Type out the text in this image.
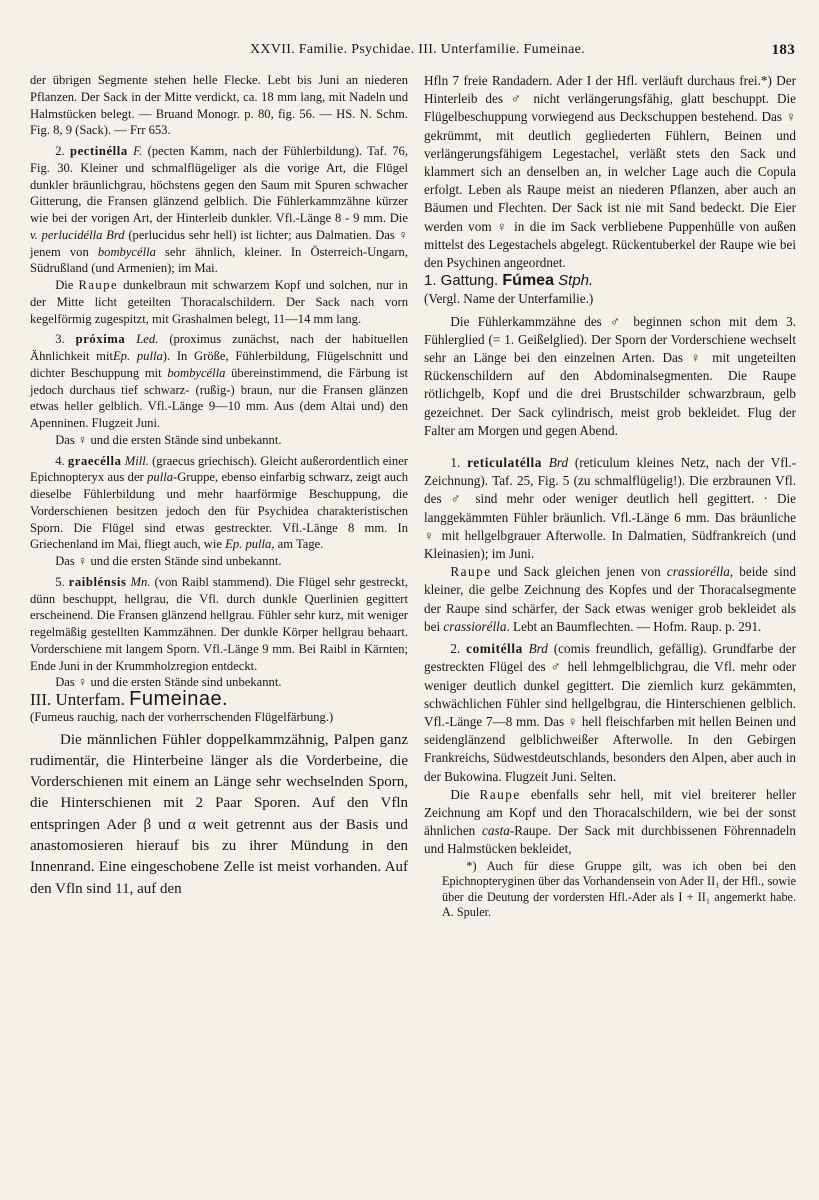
XXVII. Familie. Psychidae. III. Unterfamilie. Fumeinae.	183

der übrigen Segmente stehen helle Flecke. Lebt bis Juni an niederen Pflanzen. Der Sack in der Mitte verdickt, ca. 18 mm lang, mit Nadeln und Halmstücken belegt. — Bruand Monogr. p. 80, fig. 56. — HS. N. Schm. Fig. 8, 9 (Sack). — Frr 653.

2. pectinélla F. (pecten Kamm, nach der Fühlerbildung). Taf. 76, Fig. 30. Kleiner und schmalflügeliger als die vorige Art, die Flügel dunkler bräunlichgrau, höchstens gegen den Saum mit Spuren schwacher Gitterung, die Fransen glänzend gelblich. Die Fühlerkammzähne kürzer wie bei der vorigen Art, der Hinterleib dunkler. Vfl.-Länge 8 - 9 mm. Die v. perlucidélla Brd (perlucidus sehr hell) ist lichter; aus Dalmatien. Das ♀ jenem von bombycélla sehr ähnlich, kleiner. In Österreich-Ungarn, Südrußland (und Armenien); im Mai.

Die Raupe dunkelbraun mit schwarzem Kopf und solchen, nur in der Mitte licht geteilten Thoracalschildern. Der Sack nach vorn kegelförmig zugespitzt, mit Grashalmen belegt, 11—14 mm lang.

3. próxima Led. (proximus zunächst, nach der habituellen Ähnlichkeit mitEp. pulla). In Größe, Fühlerbildung, Flügelschnitt und dichter Beschuppung mit bombycélla übereinstimmend, die Färbung ist jedoch durchaus tief schwarz- (rußig-) braun, nur die Fransen glänzen etwas heller gelblich. Vfl.-Länge 9—10 mm. Aus (dem Altai und) den Apenninen. Flugzeit Juni.

Das ♀ und die ersten Stände sind unbekannt.

4. graecélla Mill. (graecus griechisch). Gleicht außerordentlich einer Epichnopteryx aus der pulla-Gruppe, ebenso einfarbig schwarz, zeigt auch dieselbe Fühlerbildung und mehr haarförmige Beschuppung, die Vorderschienen besitzen jedoch den für Psychidea charakteristischen Sporn. Die Flügel sind etwas gestreckter. Vfl.-Länge 8 mm. In Griechenland im Mai, fliegt auch, wie Ep. pulla, am Tage.

Das ♀ und die ersten Stände sind unbekannt.

5. raiblénsis Mn. (von Raibl stammend). Die Flügel sehr gestreckt, dünn beschuppt, hellgrau, die Vfl. durch dunkle Querlinien gegittert erscheinend. Die Fransen glänzend hellgrau. Fühler sehr kurz, mit weniger regelmäßig gestellten Kammzähnen. Der dunkle Körper hellgrau behaart. Vorderschiene mit langem Sporn. Vfl.-Länge 9 mm. Bei Raibl in Kärnten; Ende Juni in der Krummholzregion entdeckt.

Das ♀ und die ersten Stände sind unbekannt.

III. Unterfam. Fumeinae.

(Fumeus rauchig, nach der vorherrschenden Flügelfärbung.)

Die männlichen Fühler doppelkammzähnig, Palpen ganz rudimentär, die Hinterbeine länger als die Vorderbeine, die Vorderschienen mit einem an Länge sehr wechselnden Sporn, die Hinterschienen mit 2 Paar Sporen. Auf den Vfln entspringen Ader β und α weit getrennt aus der Basis und anastomosieren hierauf bis zu ihrer Mündung in den Innenrand. Eine eingeschobene Zelle ist meist vorhanden. Auf den Vfln sind 11, auf den

Hfln 7 freie Randadern. Ader I der Hfl. verläuft durchaus frei.*) Der Hinterleib des ♂ nicht verlängerungsfähig, glatt beschuppt. Die Flügelbeschuppung vorwiegend aus Deckschuppen bestehend. Das ♀ gekrümmt, mit deutlich gegliederten Fühlern, Beinen und verlängerungsfähigem Legestachel, verläßt stets den Sack und klammert sich an denselben an, in welcher Lage auch die Copula erfolgt. Leben als Raupe meist an niederen Pflanzen, aber auch an Bäumen und Flechten. Der Sack ist nie mit Sand bedeckt. Die Eier werden vom ♀ in die im Sack verbliebene Puppenhülle von außen mittelst des Legestachels abgelegt. Rückentuberkel der Raupe wie bei den Psychinen angeordnet.

1. Gattung. Fúmea Stph.

(Vergl. Name der Unterfamilie.)

Die Fühlerkammzähne des ♂ beginnen schon mit dem 3. Fühlerglied (= 1. Geißelglied). Der Sporn der Vorderschiene wechselt sehr an Länge bei den einzelnen Arten. Das ♀ mit ungeteilten Rückenschildern auf den Abdominalsegmenten. Die Raupe rötlichgelb, Kopf und die drei Brustschilder schwarzbraun, gelb gezeichnet. Der Sack cylindrisch, meist grob bekleidet. Flug der Falter am Morgen und gegen Abend.

1. reticulatélla Brd (reticulum kleines Netz, nach der Vfl.-Zeichnung). Taf. 25, Fig. 5 (zu schmalflügelig!). Die erzbraunen Vfl. des ♂ sind mehr oder weniger deutlich hell gegittert. · Die langgekämmten Fühler bräunlich. Vfl.-Länge 6 mm. Das bräunliche ♀ mit hellgelbgrauer Afterwolle. In Dalmatien, Südfrankreich (und Kleinasien); im Juni.

Raupe und Sack gleichen jenen von crassiorélla, beide sind kleiner, die gelbe Zeichnung des Kopfes und der Thoracalsegmente der Raupe sind schärfer, der Sack etwas weniger grob bekleidet als bei crassiorélla. Lebt an Baumflechten. — Hofm. Raup. p. 291.

2. comitélla Brd (comis freundlich, gefällig). Grundfarbe der gestreckten Flügel des ♂ hell lehmgelblichgrau, die Vfl. mehr oder weniger deutlich dunkel gegittert. Die ziemlich kurz gekämmten, schwächlichen Fühler sind hellgelbgrau, die Hinterschienen gelblich. Vfl.-Länge 7—8 mm. Das ♀ hell fleischfarben mit hellen Beinen und seidenglänzend gelblichweißer Afterwolle. In den Gebirgen Frankreichs, Südwestdeutschlands, besonders den Alpen, aber auch in der Bukowina. Flugzeit Juni. Selten.

Die Raupe ebenfalls sehr hell, mit viel breiterer heller Zeichnung am Kopf und den Thoracalschildern, wie bei der sonst ähnlichen casta-Raupe. Der Sack mit durchbissenen Föhrennadeln und Halmstücken bekleidet,

*) Auch für diese Gruppe gilt, was ich oben bei den Epichnopteryginen über das Vorhandensein von Ader II₁ der Hfl., sowie über die Deutung der vordersten Hfl.-Ader als I + II₁ angemerkt habe. A. Spuler.
